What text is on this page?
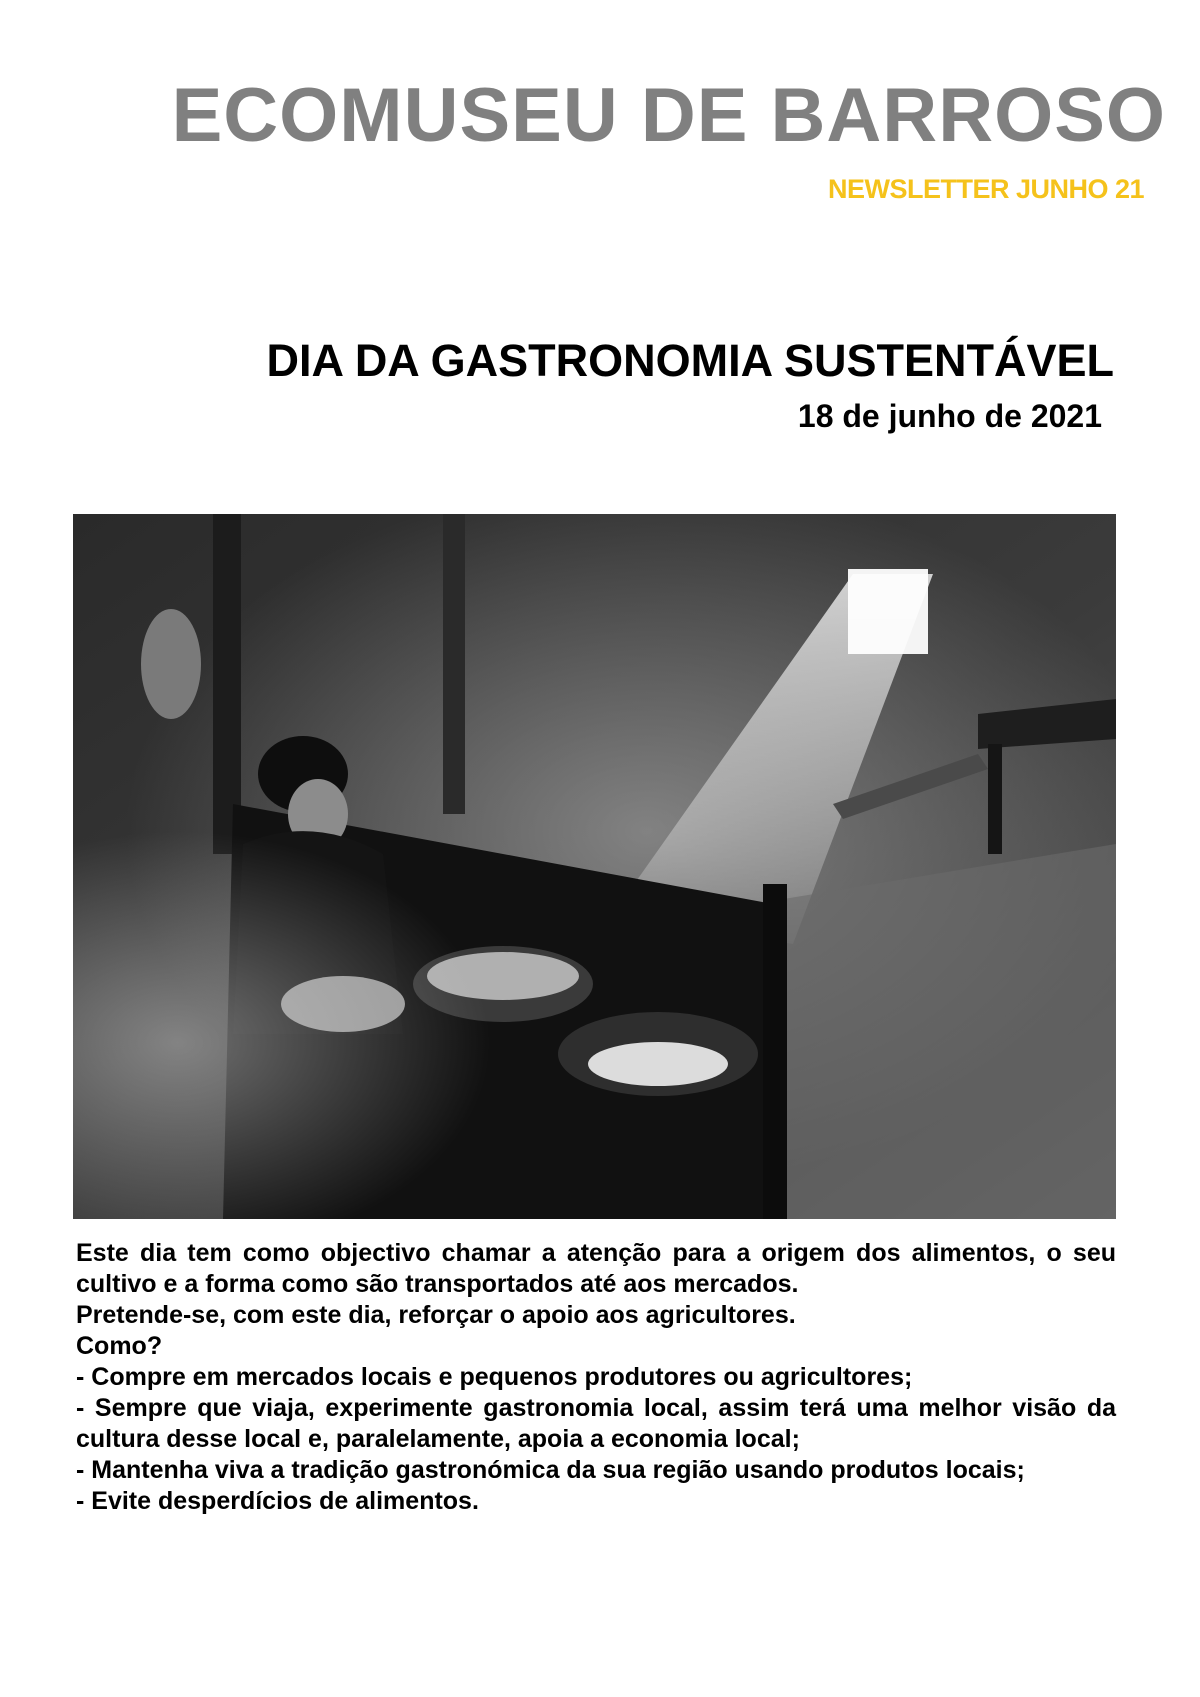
ECOMUSEU DE BARROSO
NEWSLETTER JUNHO 21
DIA DA GASTRONOMIA SUSTENTÁVEL
18 de junho de 2021

Este dia tem como objectivo chamar a atenção para a origem dos alimentos, o seu cultivo e a forma como são transportados até aos mercados.

Pretende-se, com este dia, reforçar o apoio aos agricultores.

Como?

- Compre em mercados locais e pequenos produtores ou agricultores;

- Sempre que viaja, experimente gastronomia local, assim terá uma melhor visão da cultura desse local e, paralelamente, apoia a economia local;

- Mantenha viva a tradição gastronómica da sua região usando produtos locais;

- Evite desperdícios de alimentos.
